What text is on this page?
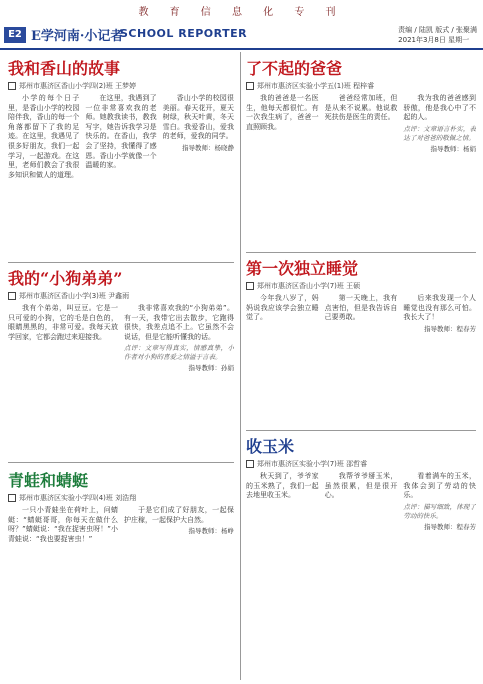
教 育 信 息 化 专 刊
E2 E学河南·小记者
SCHOOL REPORTER	责编 / 陆凯 版式 / 张聚满
2021年3月8日 星期一
我和香山的故事
郑州市惠济区香山小学四(2)班 王梦婷

小学的每个日子里，是香山小学的校园陪伴我，香山的每一个角落都留下了我的足迹。在这里，我遇见了很多好朋友，我们一起学习，一起游戏。在这里，老师们教会了我很多知识和做人的道理。

在这里，我遇到了一位非常喜欢我的老师。她教我读书，教我写字，她告诉我学习是快乐的。在香山，我学会了坚持，我懂得了感恩。香山小学就像一个温暖的家。

香山小学的校园很美丽。春天花开，夏天树绿，秋天叶黄，冬天雪白。我爱香山，爱我的老师，爱我的同学。

指导教师：杨晓静
我的“小狗弟弟”
郑州市惠济区香山小学(3)班 尹鑫雨

我有个弟弟，叫豆豆。它是一只可爱的小狗，它的毛是白色的，眼睛黑黑的，非常可爱。我每天放学回家，它都会跑过来迎接我。

我非常喜欢我的“小狗弟弟”。有一天，我带它出去散步，它跑得很快，我差点追不上。它虽然不会说话，但是它能听懂我的话。

点评：文章写得真实，情感真挚，小作者对小狗的喜爱之情溢于言表。
指导教师：孙娟
青蛙和蜻蜓
郑州市惠济区实验小学四(4)班 刘浩翔

一只小青蛙坐在荷叶上，问蜻蜓：“蜻蜓哥哥，你每天在做什么呀？”蜻蜓说：“我在捉害虫呀！”小青蛙说：“我也要捉害虫！”

于是它们成了好朋友，一起保护庄稼，一起保护大自然。

指导教师：杨峥
了不起的爸爸
郑州市惠济区实验小学五(1)班 程梓睿

我的爸爸是一名医生，他每天都很忙。有一次我生病了，爸爸一直照顾我。

爸爸经常加班，但是从来不说累。他说救死扶伤是医生的责任。

我为我的爸爸感到骄傲，他是我心中了不起的人。

点评：文章语言朴实，表达了对爸爸的敬佩之情。
指导教师：杨娟
第一次独立睡觉
郑州市惠济区香山小学(7)班 王硕

今年我八岁了，妈妈说我应该学会独立睡觉了。

第一天晚上，我有点害怕，但是我告诉自己要勇敢。

后来我发现一个人睡觉也没有那么可怕。我长大了！

指导教师：程春芳
收玉米
郑州市惠济区实验小学(7)班 邵哲睿

秋天到了，爷爷家的玉米熟了，我们一起去地里收玉米。

我帮爷爷掰玉米，虽然很累，但是很开心。

看着满车的玉米，我体会到了劳动的快乐。

点评：描写细致，体现了劳动的快乐。
指导教师：程春芳
